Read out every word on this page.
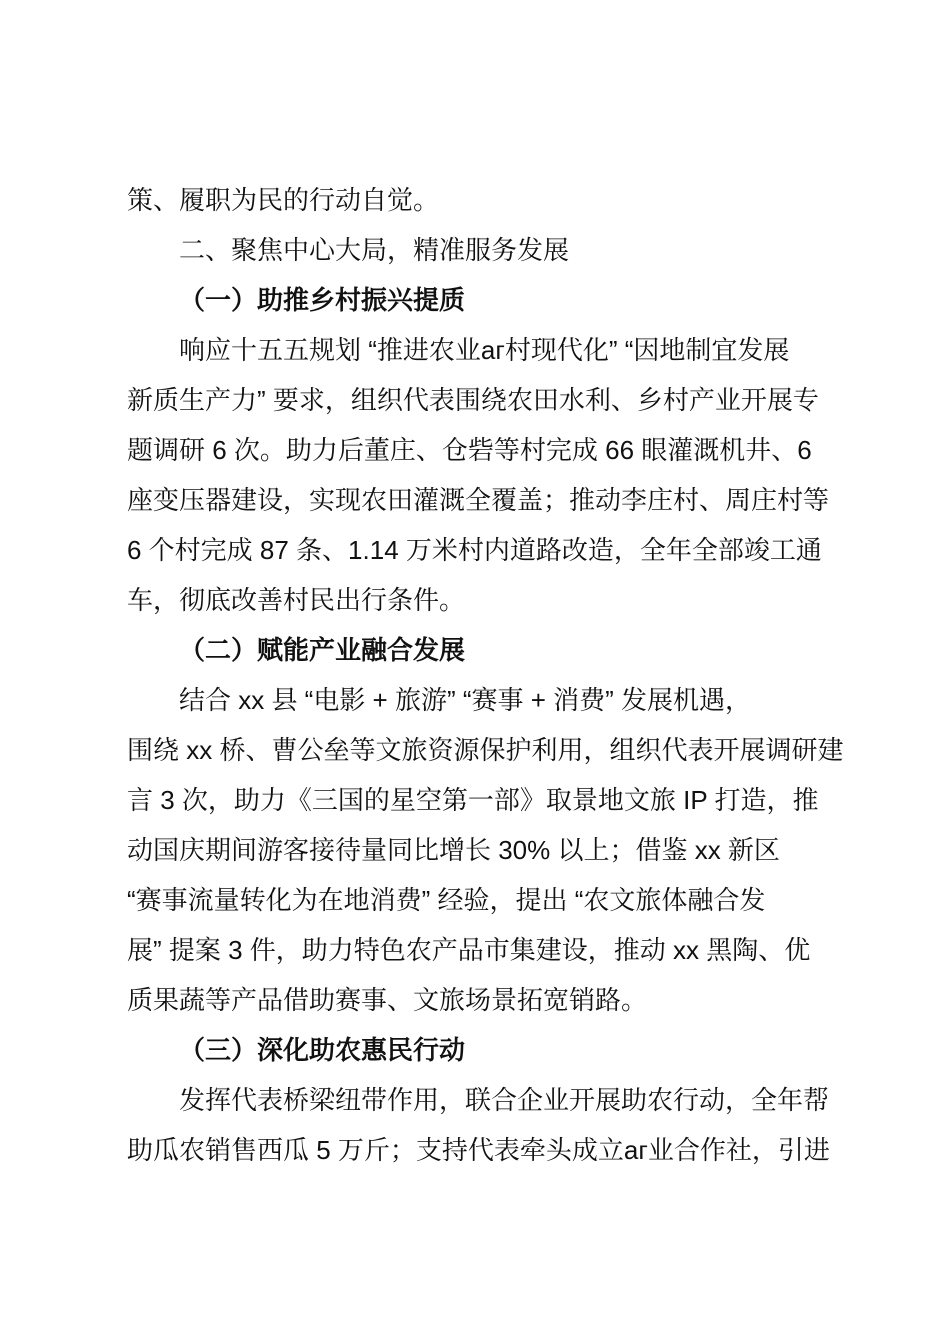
策、履职为民的行动自觉。
二、聚焦中心大局，精准服务发展
（一）助推乡村振兴提质
响应十五五规划 “推进农业аг村现代化” “因地制宜发展
新质生产力” 要求，组织代表围绕农田水利、乡村产业开展专
题调研 6 次。助力后董庄、仓砦等村完成 66 眼灌溉机井、6
座变压器建设，实现农田灌溉全覆盖；推动李庄村、周庄村等
6 个村完成 87 条、1.14 万米村内道路改造，全年全部竣工通
车，彻底改善村民出行条件。
（二）赋能产业融合发展
结合 xx 县 “电影 + 旅游” “赛事 + 消费” 发展机遇，
围绕 xx 桥、曹公垒等文旅资源保护利用，组织代表开展调研建
言 3 次，助力《三国的星空第一部》取景地文旅 IP 打造，推
动国庆期间游客接待量同比增长 30% 以上；借鉴 xx 新区
“赛事流量转化为在地消费” 经验，提出 “农文旅体融合发
展” 提案 3 件，助力特色农产品市集建设，推动 xx 黑陶、优
质果蔬等产品借助赛事、文旅场景拓宽销路。
（三）深化助农惠民行动
发挥代表桥梁纽带作用，联合企业开展助农行动，全年帮
助瓜农销售西瓜 5 万斤；支持代表牵头成立аг业合作社，引进
